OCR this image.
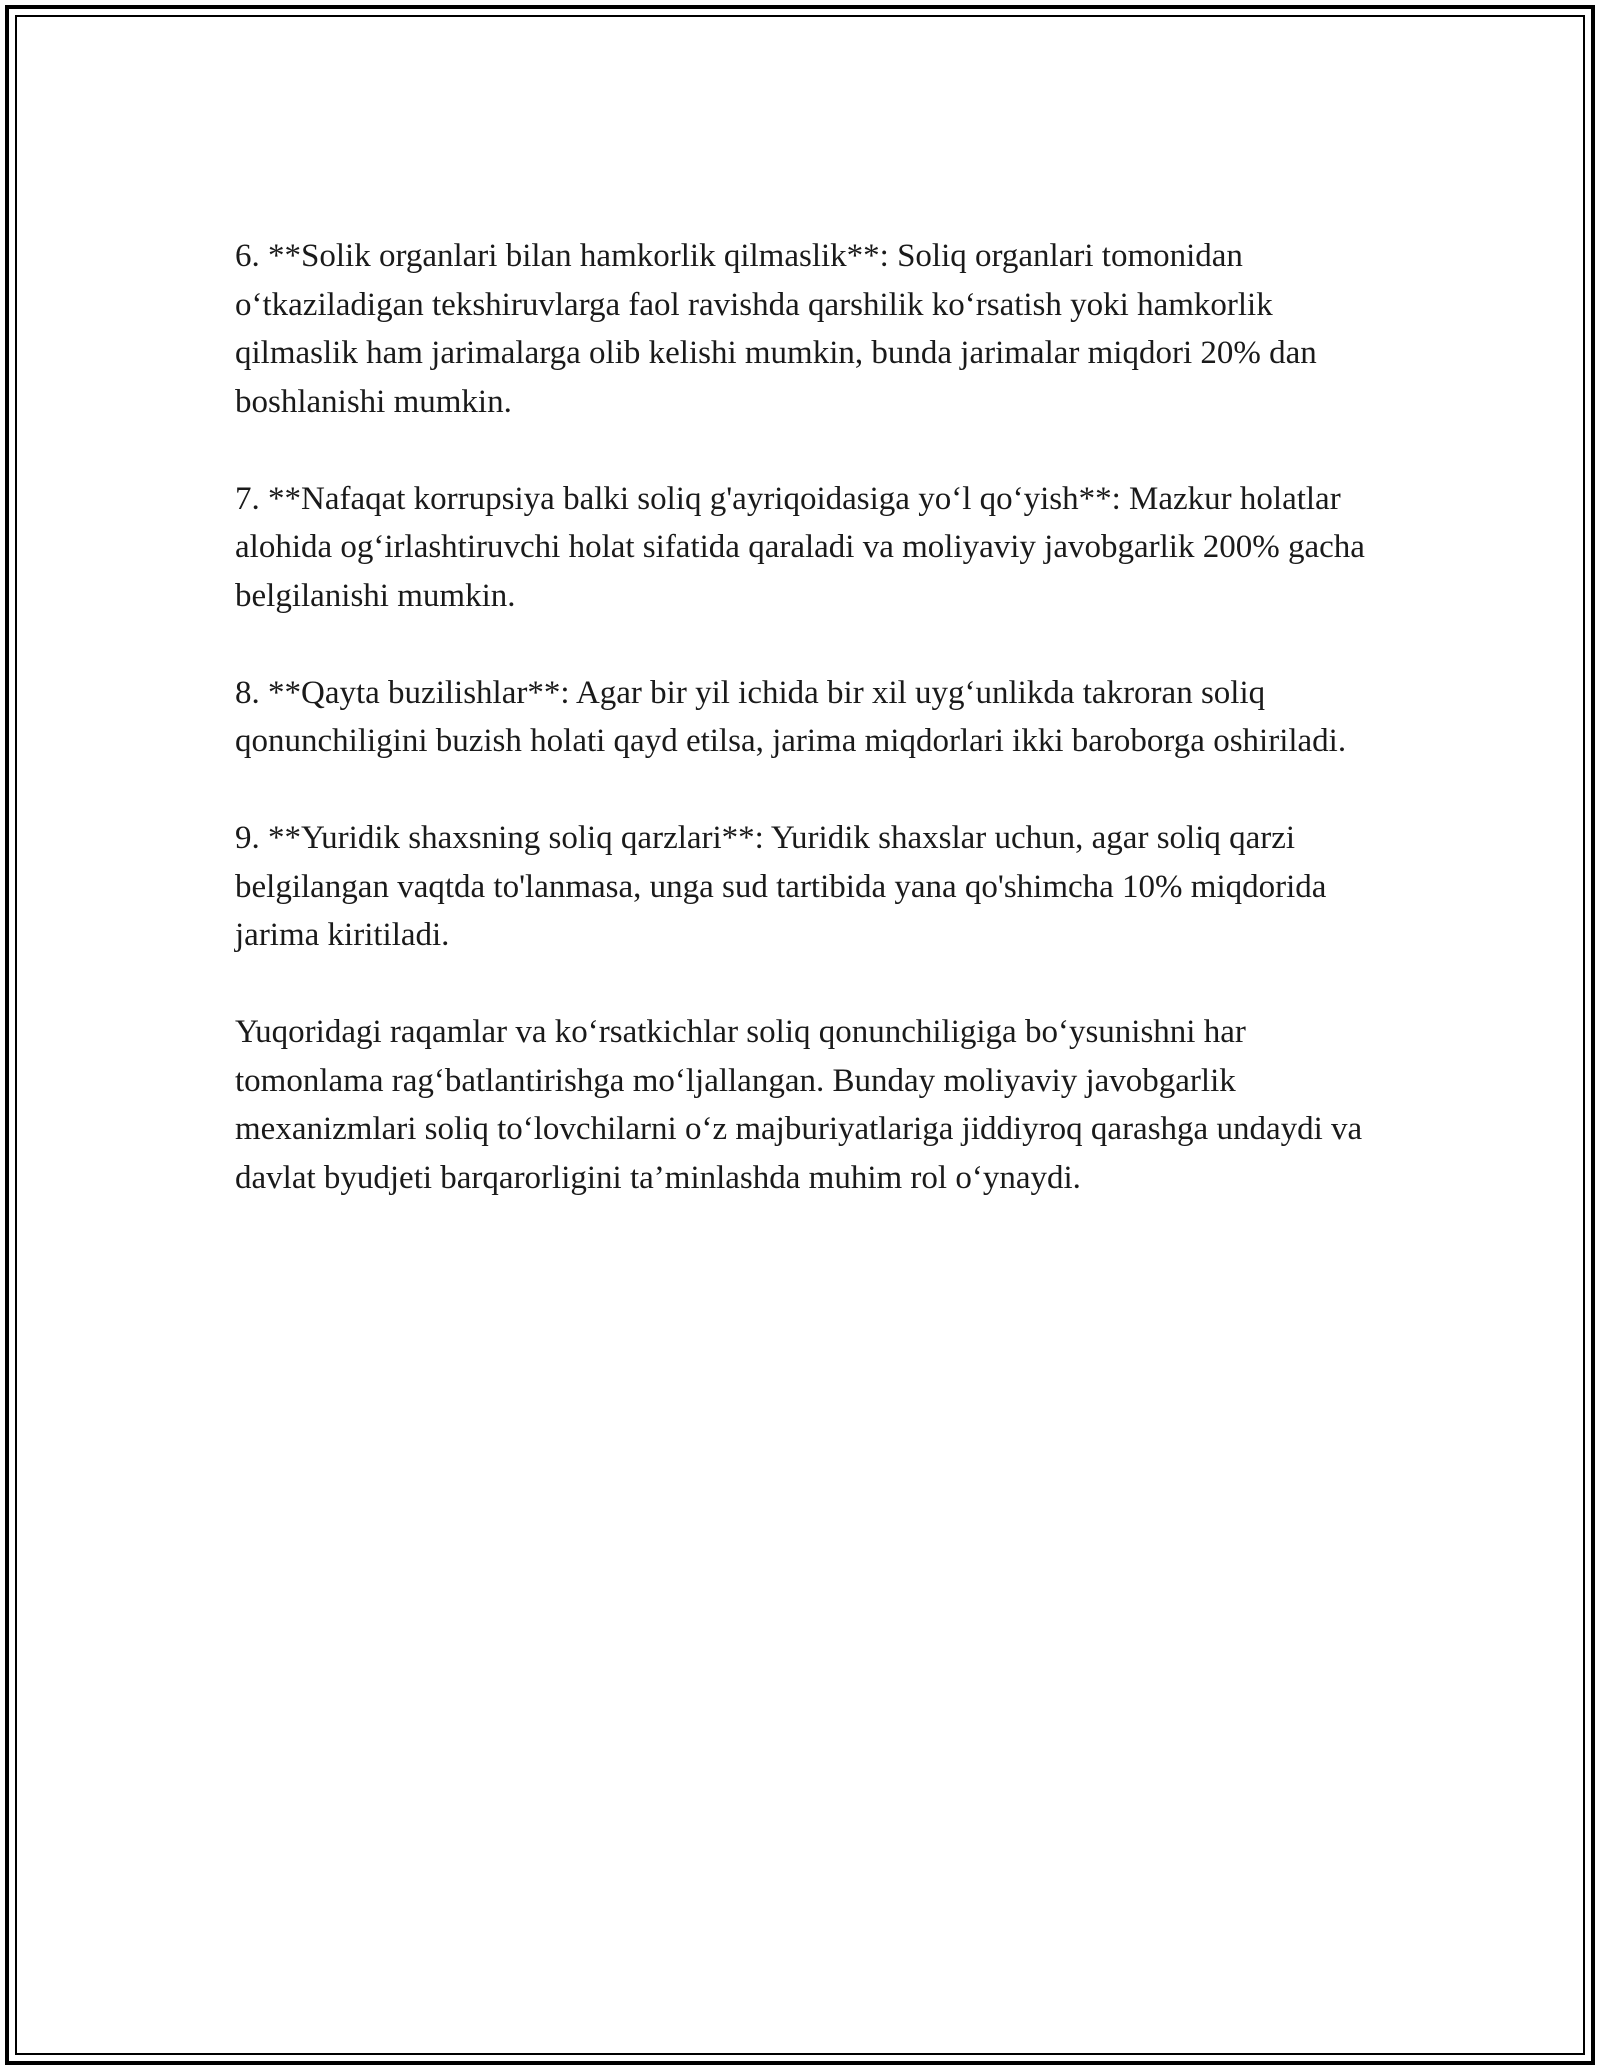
6. **Solik organlari bilan hamkorlik qilmaslik**: Soliq organlari tomonidan o‘tkaziladigan tekshiruvlarga faol ravishda qarshilik ko‘rsatish yoki hamkorlik qilmaslik ham jarimalarga olib kelishi mumkin, bunda jarimalar miqdori 20% dan boshlanishi mumkin.

7. **Nafaqat korrupsiya balki soliq g'ayriqoidasiga yo‘l qo‘yish**: Mazkur holatlar alohida og‘irlashtiruvchi holat sifatida qaraladi va moliyaviy javobgarlik 200% gacha belgilanishi mumkin.

8. **Qayta buzilishlar**: Agar bir yil ichida bir xil uyg‘unlikda takroran soliq qonunchiligini buzish holati qayd etilsa, jarima miqdorlari ikki baroborga oshiriladi.

9. **Yuridik shaxsning soliq qarzlari**: Yuridik shaxslar uchun, agar soliq qarzi belgilangan vaqtda to'lanmasa, unga sud tartibida yana qo'shimcha 10% miqdorida jarima kiritiladi.

Yuqoridagi raqamlar va ko‘rsatkichlar soliq qonunchiligiga bo‘ysunishni har tomonlama rag‘batlantirishga mo‘ljallangan. Bunday moliyaviy javobgarlik mexanizmlari soliq to‘lovchilarni o‘z majburiyatlariga jiddiyroq qarashga undaydi va davlat byudjeti barqarorligini ta’minlashda muhim rol o‘ynaydi.
